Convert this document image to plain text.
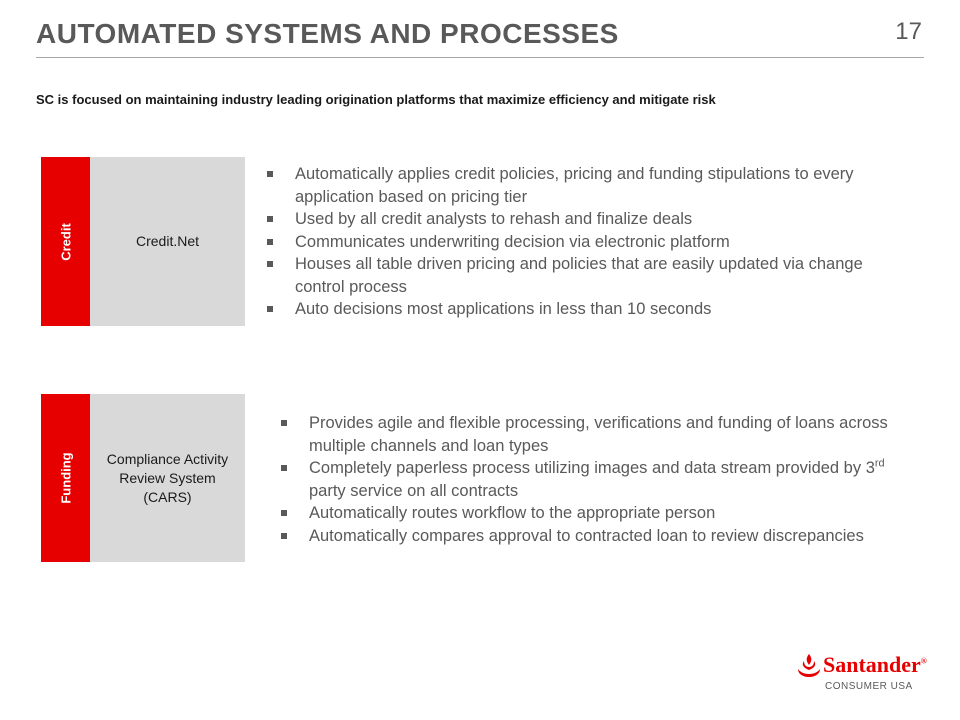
AUTOMATED SYSTEMS AND PROCESSES	17
SC is focused on maintaining industry leading origination platforms that maximize efficiency and mitigate risk
Credit	Credit.Net
Automatically applies credit policies, pricing and funding stipulations to every application based on pricing tier
Used by all credit analysts to rehash and finalize deals
Communicates underwriting decision via electronic platform
Houses all table driven pricing and policies that are easily updated via change control process
Auto decisions most applications in less than 10 seconds
Funding Compliance Activity
Review System
(CARS)
Provides agile and flexible processing, verifications and funding of loans across multiple channels and loan types
Completely paperless process utilizing images and data stream provided by 3rd party service on all contracts
Automatically routes workflow to the appropriate person
Automatically compares approval to contracted loan to review discrepancies
Santander®
CONSUMER USA
